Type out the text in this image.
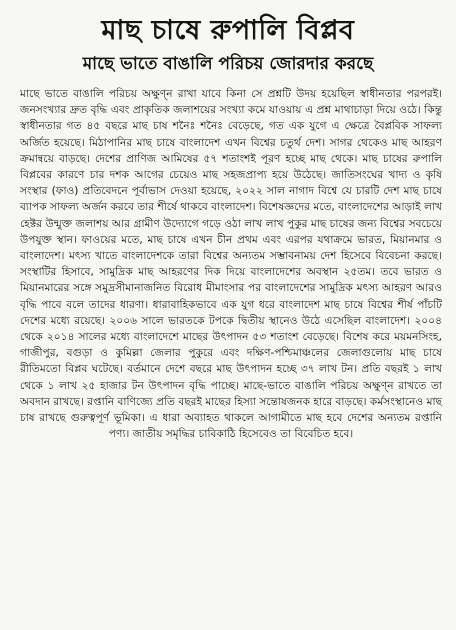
মাছ চাষে রুপালি বিপ্লব
মাছে ভাতে বাঙালি পরিচয় জোরদার করছে

মাছে ভাতে বাঙালি পরিচয় অক্ষুণ্ন রাখা যাবে কিনা সে প্রশ্নটি উদয় হয়েছিল স্বাধীনতার পরপরই। জনসংখ্যার দ্রুত বৃদ্ধি এবং প্রাকৃতিক জলাশয়ের সংখ্যা কমে যাওয়ায় এ প্রশ্ন মাথাচাড়া দিয়ে ওঠে। কিন্তু স্বাধীনতার গত ৪৫ বছরে মাছ চাষ শনৈঃ শনৈঃ বেড়েছে, গত এক যুগে এ ক্ষেত্রে বৈপ্লবিক সাফল্য অর্জিত হয়েছে। মিঠাপানির মাছ চাষে বাংলাদেশ এখন বিশ্বের চতুর্থ দেশ। সাগর থেকেও মাছ আহরণ ক্রমান্বয়ে বাড়ছে। দেশের প্রাণিজ আমিষের ৫৭ শতাংশই পূরণ হচ্ছে মাছ থেকে। মাছ চাষের রুপালি বিপ্লবের কারণে চার দশক আগের চেয়েও মাছ সহজপ্রাপ্য হয়ে উঠেছে। জাতিসংঘের খাদ্য ও কৃষি সংস্থার (ফাও) প্রতিবেদনে পূর্বাভাস দেওয়া হয়েছে, ২০২২ সাল নাগাদ বিশ্বে যে চারটি দেশ মাছ চাষে ব্যাপক সাফল্য অর্জন করবে তার শীর্ষে থাকবে বাংলাদেশ। বিশেষজ্ঞদের মতে, বাংলাদেশের আড়াই লাখ হেক্টর উন্মুক্ত জলাশয় আর গ্রামীণ উদ্যোগে গড়ে ওঠা লাখ লাখ পুকুর মাছ চাষের জন্য বিশ্বের সবচেয়ে উপযুক্ত স্থান। ফাওয়ের মতে, মাছ চাষে এখন চীন প্রথম এবং এরপর যথাক্রমে ভারত, মিয়ানমার ও বাংলাদেশ। মৎস্য খাতে বাংলাদেশকে তারা বিশ্বের অন্যতম সম্ভাবনাময় দেশ হিসেবে বিবেচনা করছে। সংস্থাটির হিসাবে, সামুদ্রিক মাছ আহরণের দিক দিয়ে বাংলাদেশের অবস্থান ২৫তম। তবে ভারত ও মিয়ানমারের সঙ্গে সমুদ্রসীমানাজনিত বিরোধ মীমাংসার পর বাংলাদেশের সামুদ্রিক মৎস্য আহরণ আরও বৃদ্ধি পাবে বলে তাদের ধারণা। ধারাবাহিকভাবে এক যুগ ধরে বাংলাদেশ মাছ চাষে বিশ্বের শীর্ষ পাঁচটি দেশের মধ্যে রয়েছে। ২০০৬ সালে ভারতকে টপকে দ্বিতীয় স্থানেও উঠে এসেছিল বাংলাদেশ। ২০০৪ থেকে ২০১৪ সালের মধ্যে বাংলাদেশে মাছের উৎপাদন ৫৩ শতাংশ বেড়েছে। বিশেষ করে ময়মনসিংহ, গাজীপুর, বগুড়া ও কুমিল্লা জেলার পুকুরে এবং দক্ষিণ-পশ্চিমাঞ্চলের জেলাগুলোয় মাছ চাষে রীতিমতো বিপ্লব ঘটেছে। বর্তমানে দেশে বছরে মাছ উৎপাদন হচ্ছে ৩৭ লাখ টন। প্রতি বছরই ১ লাখ থেকে ১ লাখ ২৫ হাজার টন উৎপাদন বৃদ্ধি পাচ্ছে। মাছে-ভাতে বাঙালি পরিচয় অক্ষুণ্ন রাখতে তা অবদান রাখছে। রপ্তানি বাণিজ্যে প্রতি বছরই মাছের হিস্যা সন্তোষজনক হারে বাড়ছে। কর্মসংস্থানেও মাছ চাষ রাখছে গুরুত্বপূর্ণ ভূমিকা। এ ধারা অব্যাহত থাকলে আগামীতে মাছ হবে দেশের অন্যতম রপ্তানি পণ্য। জাতীয় সমৃদ্ধির চাবিকাঠি হিসেবেও তা বিবেচিত হবে।
